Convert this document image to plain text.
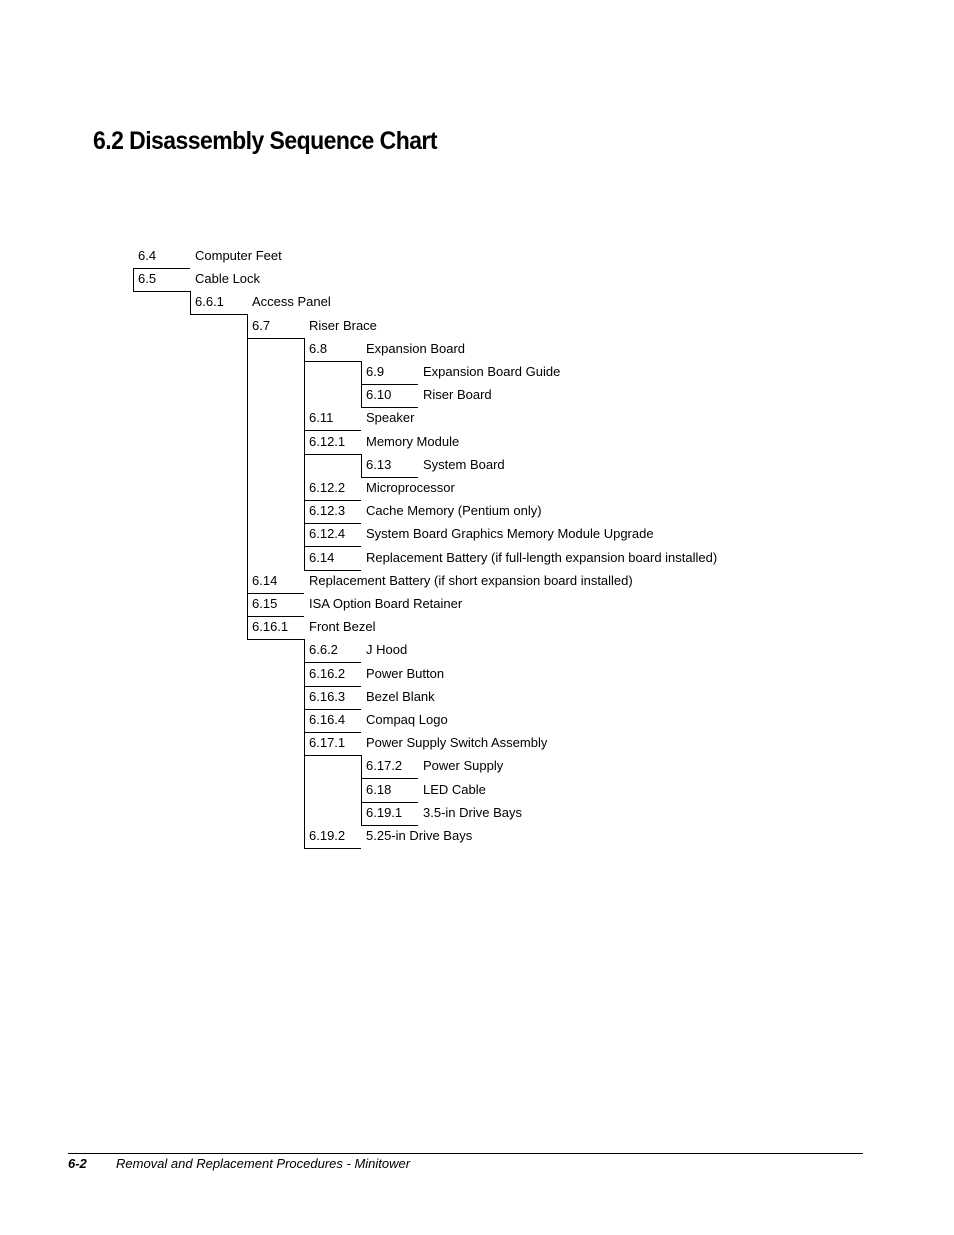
6.2 Disassembly Sequence Chart
6.4	Computer Feet
6.5	Cable Lock
6.6.1 Access Panel
6.7	Riser Brace
6.8	Expansion Board
6.9	Expansion Board Guide
6.10 Riser Board
6.11	Speaker
6.12.1 Memory Module
6.13 System Board
6.12.2 Microprocessor
6.12.3 Cache Memory (Pentium only)
6.12.4 System Board Graphics Memory Module Upgrade
6.14 Replacement Battery (if full-length expansion board installed)
6.14 Replacement Battery (if short expansion board installed)
6.15 ISA Option Board Retainer
6.16.1 Front Bezel
6.6.2 J Hood
6.16.2 Power Button
6.16.3 Bezel Blank
6.16.4 Compaq Logo
6.17.1 Power Supply Switch Assembly
6.17.2 Power Supply
6.18 LED Cable
6.19.1 3.5-in Drive Bays
6.19.2 5.25-in Drive Bays
6-2 Removal and Replacement Procedures - Minitower
